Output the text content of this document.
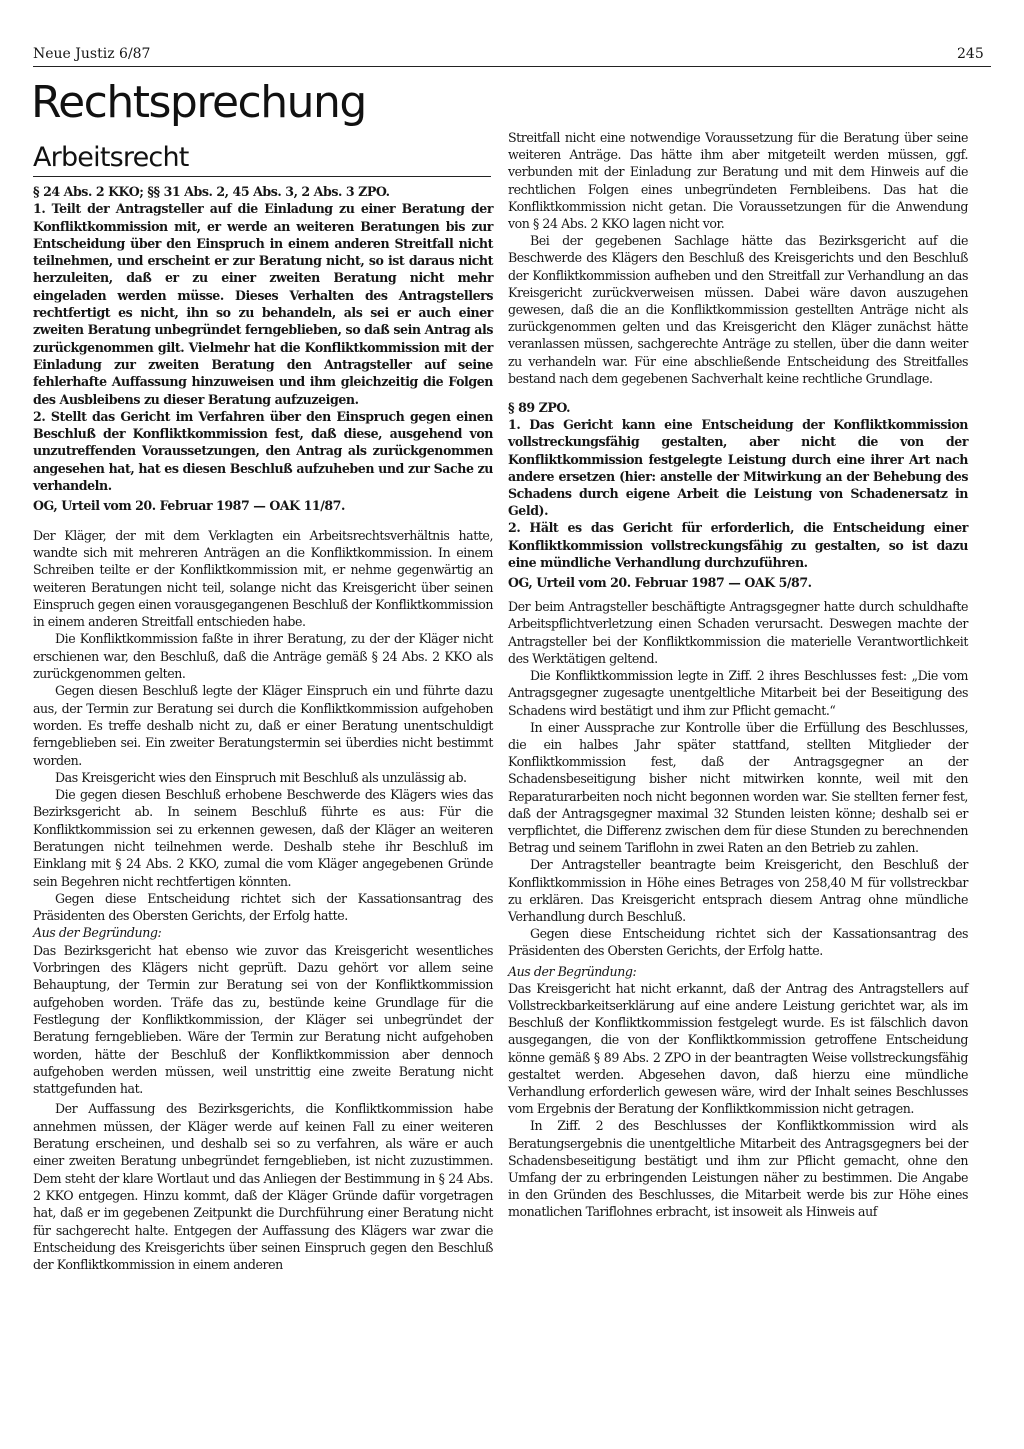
Neue Justiz 6/87	245
Rechtsprechung
Arbeitsrecht

§ 24 Abs. 2 KKO; §§ 31 Abs. 2, 45 Abs. 3, 2 Abs. 3 ZPO.

1. Teilt der Antragsteller auf die Einladung zu einer Beratung der Konfliktkommission mit, er werde an weiteren Beratungen bis zur Entscheidung über den Einspruch in einem anderen Streitfall nicht teilnehmen, und erscheint er zur Beratung nicht, so ist daraus nicht herzuleiten, daß er zu einer zweiten Beratung nicht mehr eingeladen werden müsse. Dieses Verhalten des Antragstellers rechtfertigt es nicht, ihn so zu behandeln, als sei er auch einer zweiten Beratung unbegründet ferngeblieben, so daß sein Antrag als zurückgenommen gilt. Vielmehr hat die Konfliktkommission mit der Einladung zur zweiten Beratung den Antragsteller auf seine fehlerhafte Auffassung hinzuweisen und ihm gleichzeitig die Folgen des Ausbleibens zu dieser Beratung aufzuzeigen.

2. Stellt das Gericht im Verfahren über den Einspruch gegen einen Beschluß der Konfliktkommission fest, daß diese, ausgehend von unzutreffenden Voraussetzungen, den Antrag als zurückgenommen angesehen hat, hat es diesen Beschluß aufzuheben und zur Sache zu verhandeln.

OG, Urteil vom 20. Februar 1987 — OAK 11/87.

Der Kläger, der mit dem Verklagten ein Arbeitsrechtsverhältnis hatte, wandte sich mit mehreren Anträgen an die Konfliktkommission. In einem Schreiben teilte er der Konfliktkommission mit, er nehme gegenwärtig an weiteren Beratungen nicht teil, solange nicht das Kreisgericht über seinen Einspruch gegen einen vorausgegangenen Beschluß der Konfliktkommission in einem anderen Streitfall entschieden habe.

Die Konfliktkommission faßte in ihrer Beratung, zu der der Kläger nicht erschienen war, den Beschluß, daß die Anträge gemäß § 24 Abs. 2 KKO als zurückgenommen gelten.

Gegen diesen Beschluß legte der Kläger Einspruch ein und führte dazu aus, der Termin zur Beratung sei durch die Konfliktkommission aufgehoben worden. Es treffe deshalb nicht zu, daß er einer Beratung unentschuldigt ferngeblieben sei. Ein zweiter Beratungstermin sei überdies nicht bestimmt worden.

Das Kreisgericht wies den Einspruch mit Beschluß als unzulässig ab.

Die gegen diesen Beschluß erhobene Beschwerde des Klägers wies das Bezirksgericht ab. In seinem Beschluß führte es aus: Für die Konfliktkommission sei zu erkennen gewesen, daß der Kläger an weiteren Beratungen nicht teilnehmen werde. Deshalb stehe ihr Beschluß im Einklang mit § 24 Abs. 2 KKO, zumal die vom Kläger angegebenen Gründe sein Begehren nicht rechtfertigen könnten.

Gegen diese Entscheidung richtet sich der Kassationsantrag des Präsidenten des Obersten Gerichts, der Erfolg hatte.

Aus der Begründung:

Das Bezirksgericht hat ebenso wie zuvor das Kreisgericht wesentliches Vorbringen des Klägers nicht geprüft. Dazu gehört vor allem seine Behauptung, der Termin zur Beratung sei von der Konfliktkommission aufgehoben worden. Träfe das zu, bestünde keine Grundlage für die Festlegung der Konfliktkommission, der Kläger sei unbegründet der Beratung ferngeblieben. Wäre der Termin zur Beratung nicht aufgehoben worden, hätte der Beschluß der Konfliktkommission aber dennoch aufgehoben werden müssen, weil unstrittig eine zweite Beratung nicht stattgefunden hat.

Der Auffassung des Bezirksgerichts, die Konfliktkommission habe annehmen müssen, der Kläger werde auf keinen Fall zu einer weiteren Beratung erscheinen, und deshalb sei so zu verfahren, als wäre er auch einer zweiten Beratung unbegründet ferngeblieben, ist nicht zuzustimmen. Dem steht der klare Wortlaut und das Anliegen der Bestimmung in § 24 Abs. 2 KKO entgegen. Hinzu kommt, daß der Kläger Gründe dafür vorgetragen hat, daß er im gegebenen Zeitpunkt die Durchführung einer Beratung nicht für sachgerecht halte. Entgegen der Auffassung des Klägers war zwar die Entscheidung des Kreisgerichts über seinen Einspruch gegen den Beschluß der Konfliktkommission in einem anderen

Streitfall nicht eine notwendige Voraussetzung für die Beratung über seine weiteren Anträge. Das hätte ihm aber mitgeteilt werden müssen, ggf. verbunden mit der Einladung zur Beratung und mit dem Hinweis auf die rechtlichen Folgen eines unbegründeten Fernbleibens. Das hat die Konfliktkommission nicht getan. Die Voraussetzungen für die Anwendung von § 24 Abs. 2 KKO lagen nicht vor.

Bei der gegebenen Sachlage hätte das Bezirksgericht auf die Beschwerde des Klägers den Beschluß des Kreisgerichts und den Beschluß der Konfliktkommission aufheben und den Streitfall zur Verhandlung an das Kreisgericht zurückverweisen müssen. Dabei wäre davon auszugehen gewesen, daß die an die Konfliktkommission gestellten Anträge nicht als zurückgenommen gelten und das Kreisgericht den Kläger zunächst hätte veranlassen müssen, sachgerechte Anträge zu stellen, über die dann weiter zu verhandeln war. Für eine abschließende Entscheidung des Streitfalles bestand nach dem gegebenen Sachverhalt keine rechtliche Grundlage.

§ 89 ZPO.

1. Das Gericht kann eine Entscheidung der Konfliktkommission vollstreckungsfähig gestalten, aber nicht die von der Konfliktkommission festgelegte Leistung durch eine ihrer Art nach andere ersetzen (hier: anstelle der Mitwirkung an der Behebung des Schadens durch eigene Arbeit die Leistung von Schadenersatz in Geld).

2. Hält es das Gericht für erforderlich, die Entscheidung einer Konfliktkommission vollstreckungsfähig zu gestalten, so ist dazu eine mündliche Verhandlung durchzuführen.

OG, Urteil vom 20. Februar 1987 — OAK 5/87.

Der beim Antragsteller beschäftigte Antragsgegner hatte durch schuldhafte Arbeitspflichtverletzung einen Schaden verursacht. Deswegen machte der Antragsteller bei der Konfliktkommission die materielle Verantwortlichkeit des Werktätigen geltend.

Die Konfliktkommission legte in Ziff. 2 ihres Beschlusses fest: „Die vom Antragsgegner zugesagte unentgeltliche Mitarbeit bei der Beseitigung des Schadens wird bestätigt und ihm zur Pflicht gemacht.“

In einer Aussprache zur Kontrolle über die Erfüllung des Beschlusses, die ein halbes Jahr später stattfand, stellten Mitglieder der Konfliktkommission fest, daß der Antragsgegner an der Schadensbeseitigung bisher nicht mitwirken konnte, weil mit den Reparaturarbeiten noch nicht begonnen worden war. Sie stellten ferner fest, daß der Antragsgegner maximal 32 Stunden leisten könne; deshalb sei er verpflichtet, die Differenz zwischen dem für diese Stunden zu berechnenden Betrag und seinem Tariflohn in zwei Raten an den Betrieb zu zahlen.

Der Antragsteller beantragte beim Kreisgericht, den Beschluß der Konfliktkommission in Höhe eines Betrages von 258,40 M für vollstreckbar zu erklären. Das Kreisgericht entsprach diesem Antrag ohne mündliche Verhandlung durch Beschluß.

Gegen diese Entscheidung richtet sich der Kassationsantrag des Präsidenten des Obersten Gerichts, der Erfolg hatte.

Aus der Begründung:

Das Kreisgericht hat nicht erkannt, daß der Antrag des Antragstellers auf Vollstreckbarkeitserklärung auf eine andere Leistung gerichtet war, als im Beschluß der Konfliktkommission festgelegt wurde. Es ist fälschlich davon ausgegangen, die von der Konfliktkommission getroffene Entscheidung könne gemäß § 89 Abs. 2 ZPO in der beantragten Weise vollstreckungsfähig gestaltet werden. Abgesehen davon, daß hierzu eine mündliche Verhandlung erforderlich gewesen wäre, wird der Inhalt seines Beschlusses vom Ergebnis der Beratung der Konfliktkommission nicht getragen.

In Ziff. 2 des Beschlusses der Konfliktkommission wird als Beratungsergebnis die unentgeltliche Mitarbeit des Antragsgegners bei der Schadensbeseitigung bestätigt und ihm zur Pflicht gemacht, ohne den Umfang der zu erbringenden Leistungen näher zu bestimmen. Die Angabe in den Gründen des Beschlusses, die Mitarbeit werde bis zur Höhe eines monatlichen Tariflohnes erbracht, ist insoweit als Hinweis auf
